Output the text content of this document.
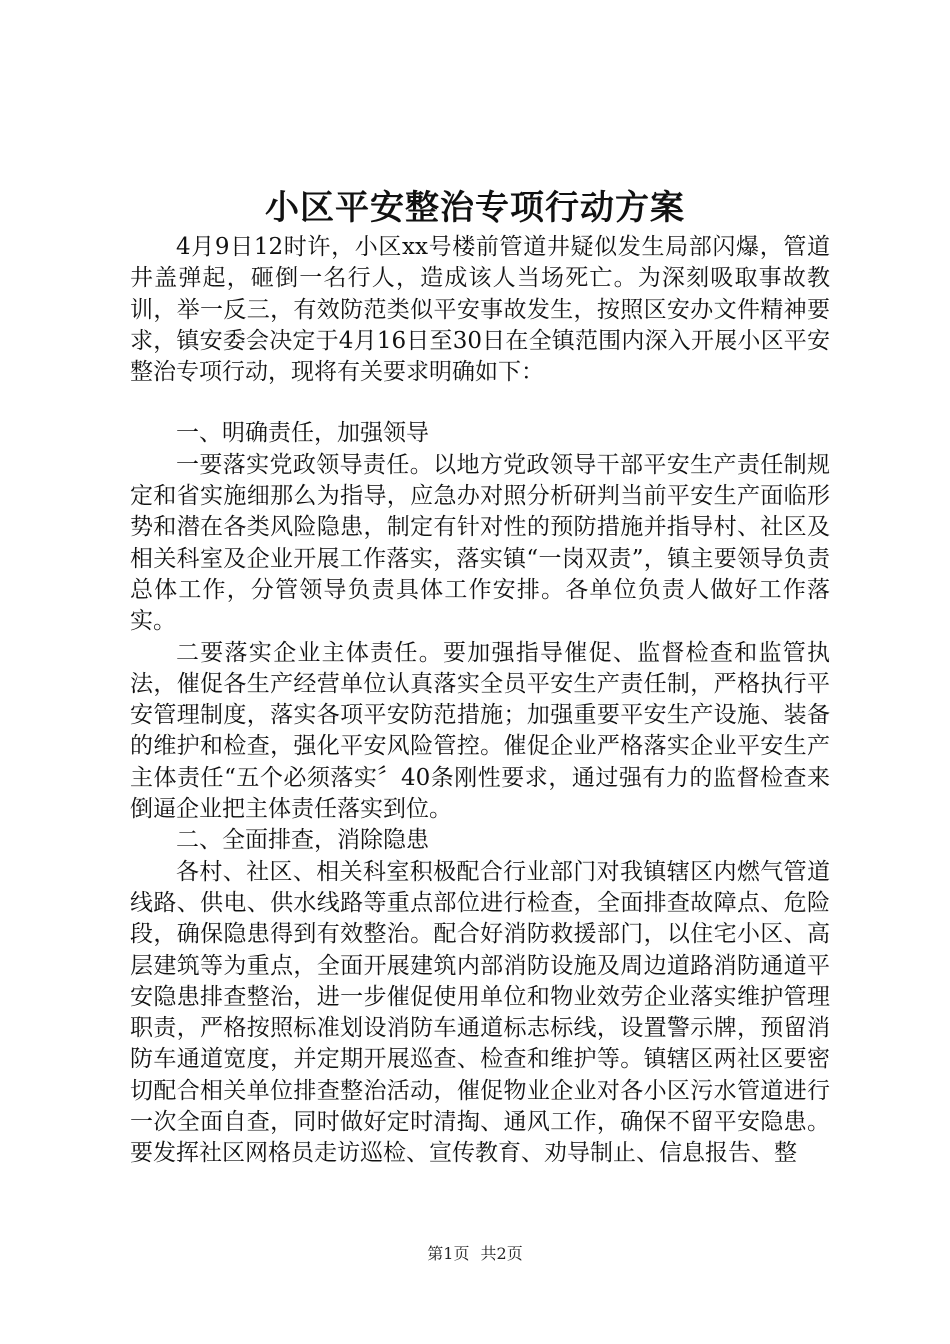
小区平安整治专项行动方案

4月9日12时许，小区xx号楼前管道井疑似发生局部闪爆，管道井盖弹起，砸倒一名行人，造成该人当场死亡。为深刻吸取事故教训，举一反三，有效防范类似平安事故发生，按照区安办文件精神要求，镇安委会决定于4月16日至30日在全镇范围内深入开展小区平安整治专项行动，现将有关要求明确如下：

一、明确责任，加强领导

一要落实党政领导责任。以地方党政领导干部平安生产责任制规定和省实施细那么为指导，应急办对照分析研判当前平安生产面临形势和潜在各类风险隐患，制定有针对性的预防措施并指导村、社区及相关科室及企业开展工作落实，落实镇“一岗双责”，镇主要领导负责总体工作，分管领导负责具体工作安排。各单位负责人做好工作落实。

二要落实企业主体责任。要加强指导催促、监督检查和监管执法，催促各生产经营单位认真落实全员平安生产责任制，严格执行平安管理制度，落实各项平安防范措施；加强重要平安生产设施、装备的维护和检查，强化平安风险管控。催促企业严格落实企业平安生产主体责任“五个必须落实〞40条刚性要求，通过强有力的监督检查来倒逼企业把主体责任落实到位。

二、全面排查，消除隐患

各村、社区、相关科室积极配合行业部门对我镇辖区内燃气管道线路、供电、供水线路等重点部位进行检查，全面排查故障点、危险段，确保隐患得到有效整治。配合好消防救援部门，以住宅小区、高层建筑等为重点，全面开展建筑内部消防设施及周边道路消防通道平安隐患排查整治，进一步催促使用单位和物业效劳企业落实维护管理职责，严格按照标准划设消防车通道标志标线，设置警示牌，预留消防车通道宽度，并定期开展巡查、检查和维护等。镇辖区两社区要密切配合相关单位排查整治活动，催促物业企业对各小区污水管道进行一次全面自查，同时做好定时清掏、通风工作，确保不留平安隐患。要发挥社区网格员走访巡检、宣传教育、劝导制止、信息报告、整

第1页 共2页
